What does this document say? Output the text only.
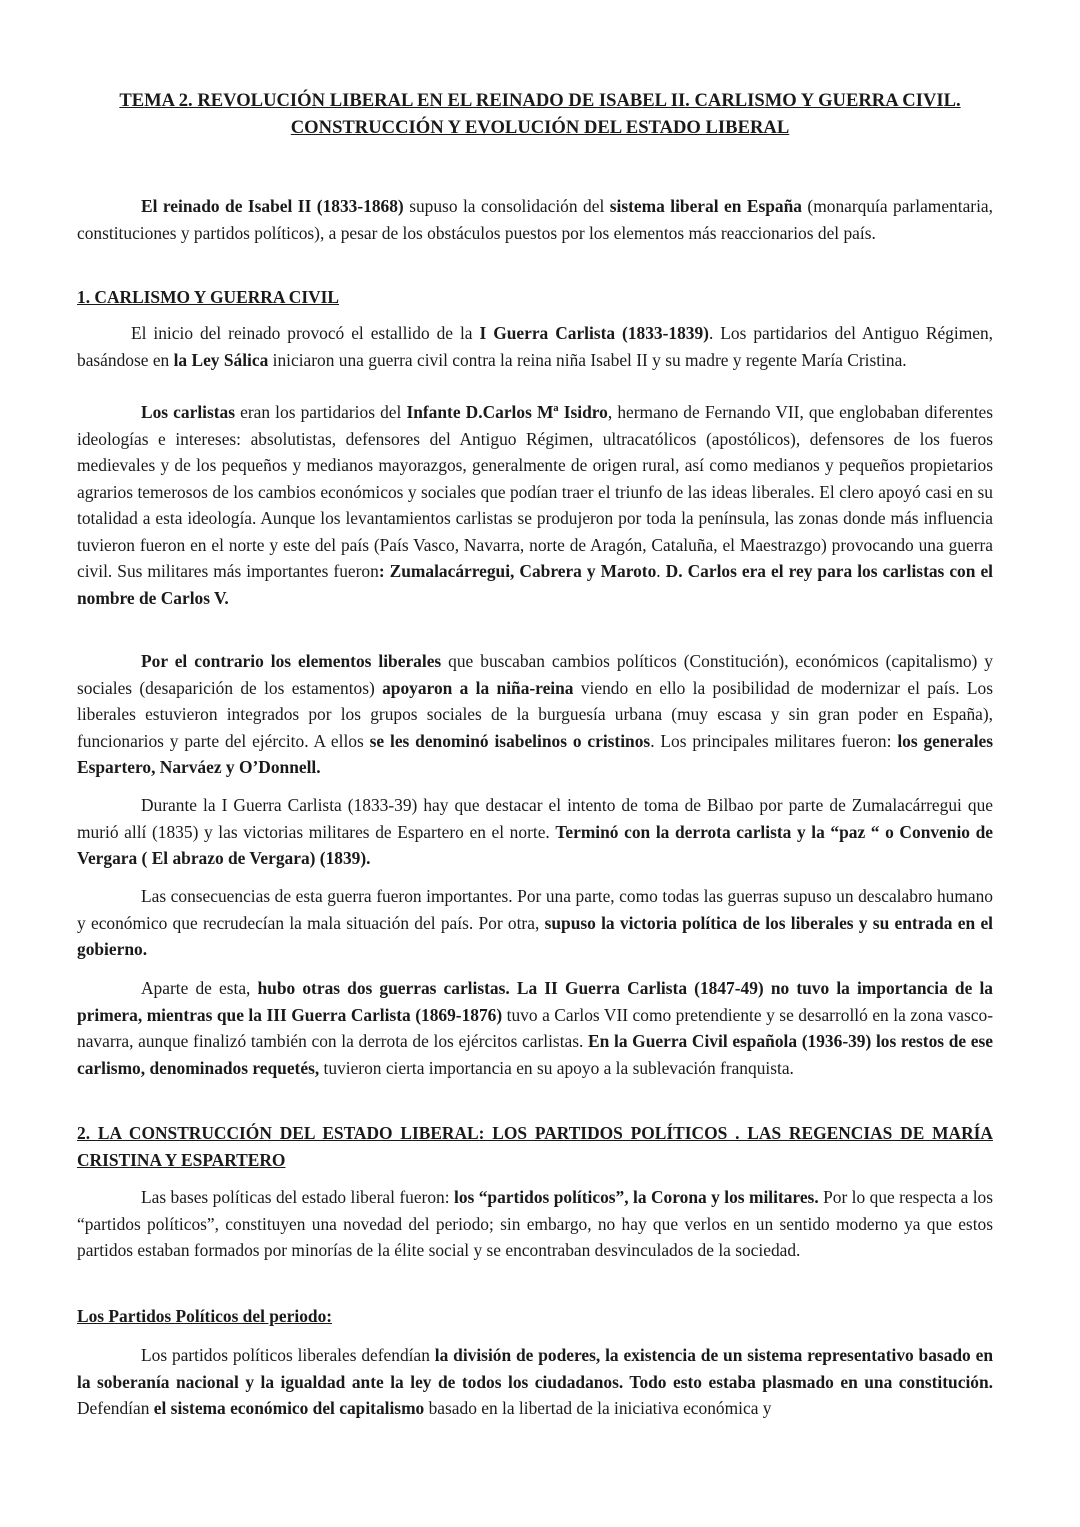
TEMA 2. REVOLUCIÓN LIBERAL EN EL REINADO DE ISABEL II. CARLISMO Y GUERRA CIVIL. CONSTRUCCIÓN Y EVOLUCIÓN DEL ESTADO LIBERAL

El reinado de Isabel II (1833-1868) supuso la consolidación del sistema liberal en España (monarquía parlamentaria, constituciones y partidos políticos), a pesar de los obstáculos puestos por los elementos más reaccionarios del país.

1. CARLISMO Y GUERRA CIVIL

El inicio del reinado provocó el estallido de la I Guerra Carlista (1833-1839). Los partidarios del Antiguo Régimen, basándose en la Ley Sálica iniciaron una guerra civil contra la reina niña Isabel II y su madre y regente María Cristina.

Los carlistas eran los partidarios del Infante D.Carlos Mª Isidro, hermano de Fernando VII, que englobaban diferentes ideologías e intereses: absolutistas, defensores del Antiguo Régimen, ultracatólicos (apostólicos), defensores de los fueros medievales y de los pequeños y medianos mayorazgos, generalmente de origen rural, así como medianos y pequeños propietarios agrarios temerosos de los cambios económicos y sociales que podían traer el triunfo de las ideas liberales. El clero apoyó casi en su totalidad a esta ideología. Aunque los levantamientos carlistas se produjeron por toda la península, las zonas donde más influencia tuvieron fueron en el norte y este del país (País Vasco, Navarra, norte de Aragón, Cataluña, el Maestrazgo) provocando una guerra civil. Sus militares más importantes fueron: Zumalacárregui, Cabrera y Maroto. D. Carlos era el rey para los carlistas con el nombre de Carlos V.

Por el contrario los elementos liberales que buscaban cambios políticos (Constitución), económicos (capitalismo) y sociales (desaparición de los estamentos) apoyaron a la niña-reina viendo en ello la posibilidad de modernizar el país. Los liberales estuvieron integrados por los grupos sociales de la burguesía urbana (muy escasa y sin gran poder en España), funcionarios y parte del ejército. A ellos se les denominó isabelinos o cristinos. Los principales militares fueron: los generales Espartero, Narváez y O’Donnell.

Durante la I Guerra Carlista (1833-39) hay que destacar el intento de toma de Bilbao por parte de Zumalacárregui que murió allí (1835) y las victorias militares de Espartero en el norte. Terminó con la derrota carlista y la “paz “ o Convenio de Vergara ( El abrazo de Vergara) (1839).

Las consecuencias de esta guerra fueron importantes. Por una parte, como todas las guerras supuso un descalabro humano y económico que recrudecían la mala situación del país. Por otra, supuso la victoria política de los liberales y su entrada en el gobierno.

Aparte de esta, hubo otras dos guerras carlistas. La II Guerra Carlista (1847-49) no tuvo la importancia de la primera, mientras que la III Guerra Carlista (1869-1876) tuvo a Carlos VII como pretendiente y se desarrolló en la zona vasco-navarra, aunque finalizó también con la derrota de los ejércitos carlistas. En la Guerra Civil española (1936-39) los restos de ese carlismo, denominados requetés, tuvieron cierta importancia en su apoyo a la sublevación franquista.

2. LA CONSTRUCCIÓN DEL ESTADO LIBERAL: LOS PARTIDOS POLÍTICOS . LAS REGENCIAS DE MARÍA CRISTINA Y ESPARTERO

Las bases políticas del estado liberal fueron: los “partidos políticos”, la Corona y los militares. Por lo que respecta a los “partidos políticos”, constituyen una novedad del periodo; sin embargo, no hay que verlos en un sentido moderno ya que estos partidos estaban formados por minorías de la élite social y se encontraban desvinculados de la sociedad.

Los Partidos Políticos del periodo:

Los partidos políticos liberales defendían la división de poderes, la existencia de un sistema representativo basado en la soberanía nacional y la igualdad ante la ley de todos los ciudadanos. Todo esto estaba plasmado en una constitución. Defendían el sistema económico del capitalismo basado en la libertad de la iniciativa económica y
